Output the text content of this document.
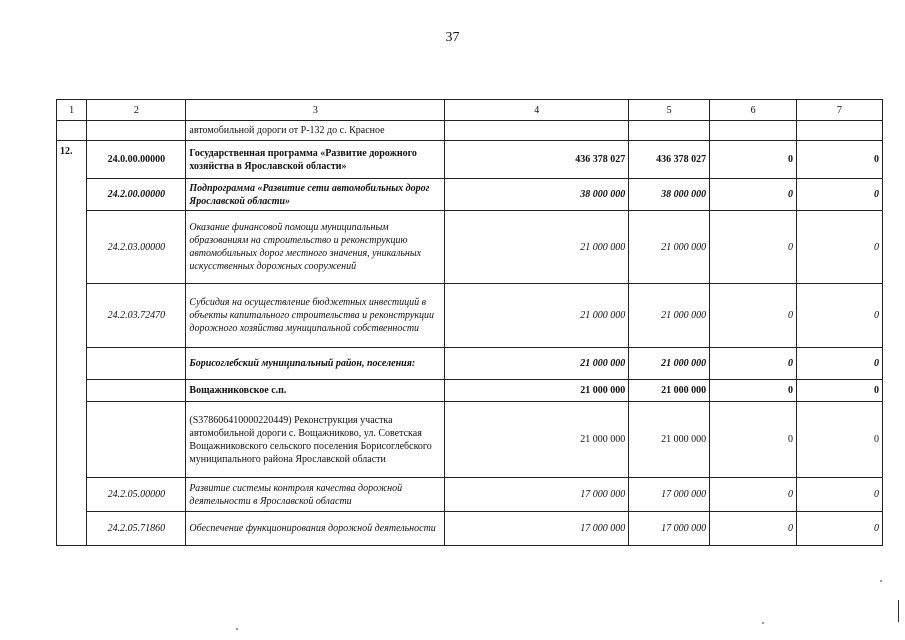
37
1	2	3	4	5	6	7
		автомобильной дороги от Р-132 до с. Красное				
12.	24.0.00.00000	Государственная программа «Развитие дорожного хозяйства в Ярославской области»	436 378 027	436 378 027	0	0
	24.2.00.00000	Подпрограмма «Развитие сети автомобильных дорог Ярославской области»	38 000 000	38 000 000	0	0
	24.2.03.00000	Оказание финансовой помощи муниципальным образованиям на строительство и реконструкцию автомобильных дорог местного значения, уникальных искусственных дорожных сооружений	21 000 000	21 000 000	0	0
	24.2.03.72470	Субсидия на осуществление бюджетных инвестиций в объекты капитального строительства и реконструкции дорожного хозяйства муниципальной собственности	21 000 000	21 000 000	0	0
		Борисоглебский муниципальный район, поселения:	21 000 000	21 000 000	0	0
		Вощажниковское с.п.	21 000 000	21 000 000	0	0
		(S378606410000220449) Реконструкция участка автомобильной дороги с. Вощажниково, ул. Советская Вощажниковского сельского поселения Борисоглебского муниципального района Ярославской области	21 000 000	21 000 000	0	0
	24.2.05.00000	Развитие системы контроля качества дорожной деятельности в Ярославской области	17 000 000	17 000 000	0	0
	24.2.05.71860	Обеспечение функционирования дорожной деятельности	17 000 000	17 000 000	0	0
